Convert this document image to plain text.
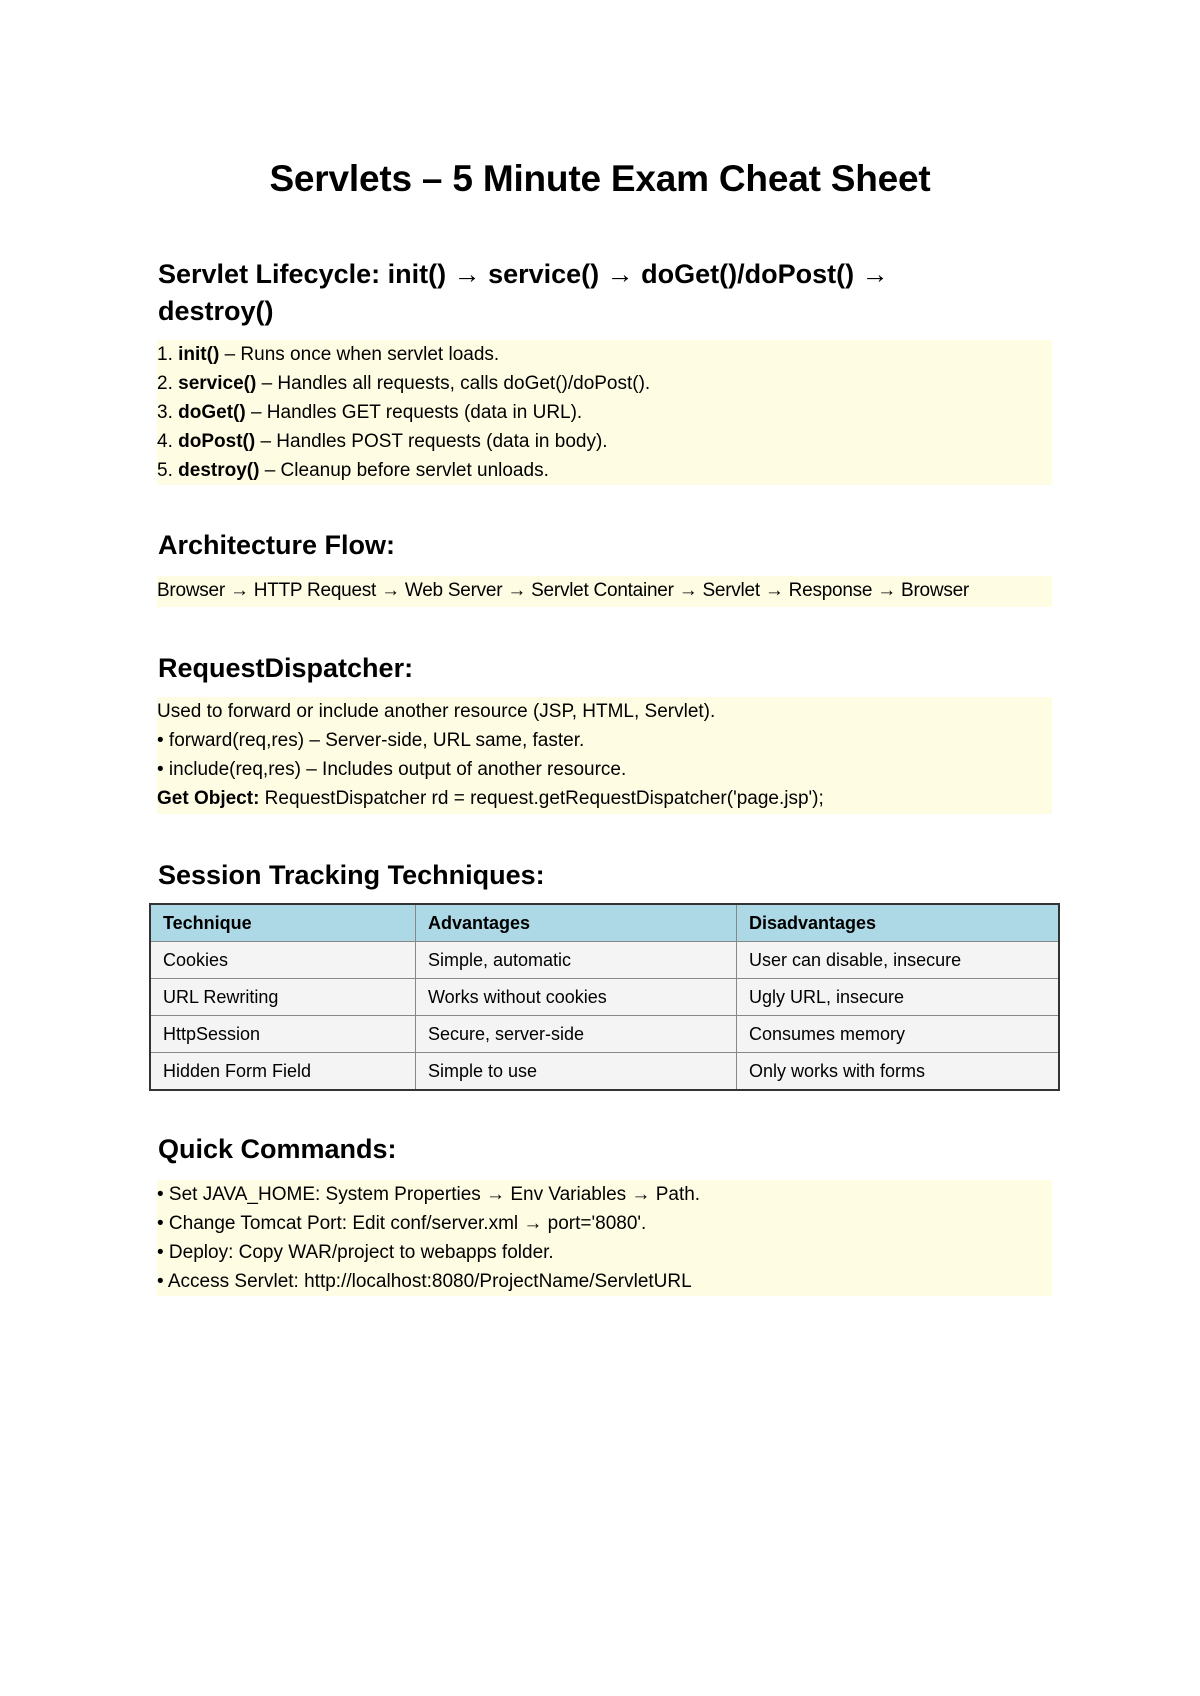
Servlets – 5 Minute Exam Cheat Sheet
Servlet Lifecycle: init() → service() → doGet()/doPost() →
destroy()
1. init() – Runs once when servlet loads.
2. service() – Handles all requests, calls doGet()/doPost().
3. doGet() – Handles GET requests (data in URL).
4. doPost() – Handles POST requests (data in body).
5. destroy() – Cleanup before servlet unloads.
Architecture Flow:
Browser → HTTP Request → Web Server → Servlet Container → Servlet → Response → Browser
RequestDispatcher:
Used to forward or include another resource (JSP, HTML, Servlet).
• forward(req,res) – Server-side, URL same, faster.
• include(req,res) – Includes output of another resource.
Get Object: RequestDispatcher rd = request.getRequestDispatcher('page.jsp');
Session Tracking Techniques:
Technique	Advantages	Disadvantages
Cookies	Simple, automatic	User can disable, insecure
URL Rewriting	Works without cookies	Ugly URL, insecure
HttpSession	Secure, server-side	Consumes memory
Hidden Form Field	Simple to use	Only works with forms
Quick Commands:
• Set JAVA_HOME: System Properties → Env Variables → Path.
• Change Tomcat Port: Edit conf/server.xml → port='8080'.
• Deploy: Copy WAR/project to webapps folder.
• Access Servlet: http://localhost:8080/ProjectName/ServletURL
